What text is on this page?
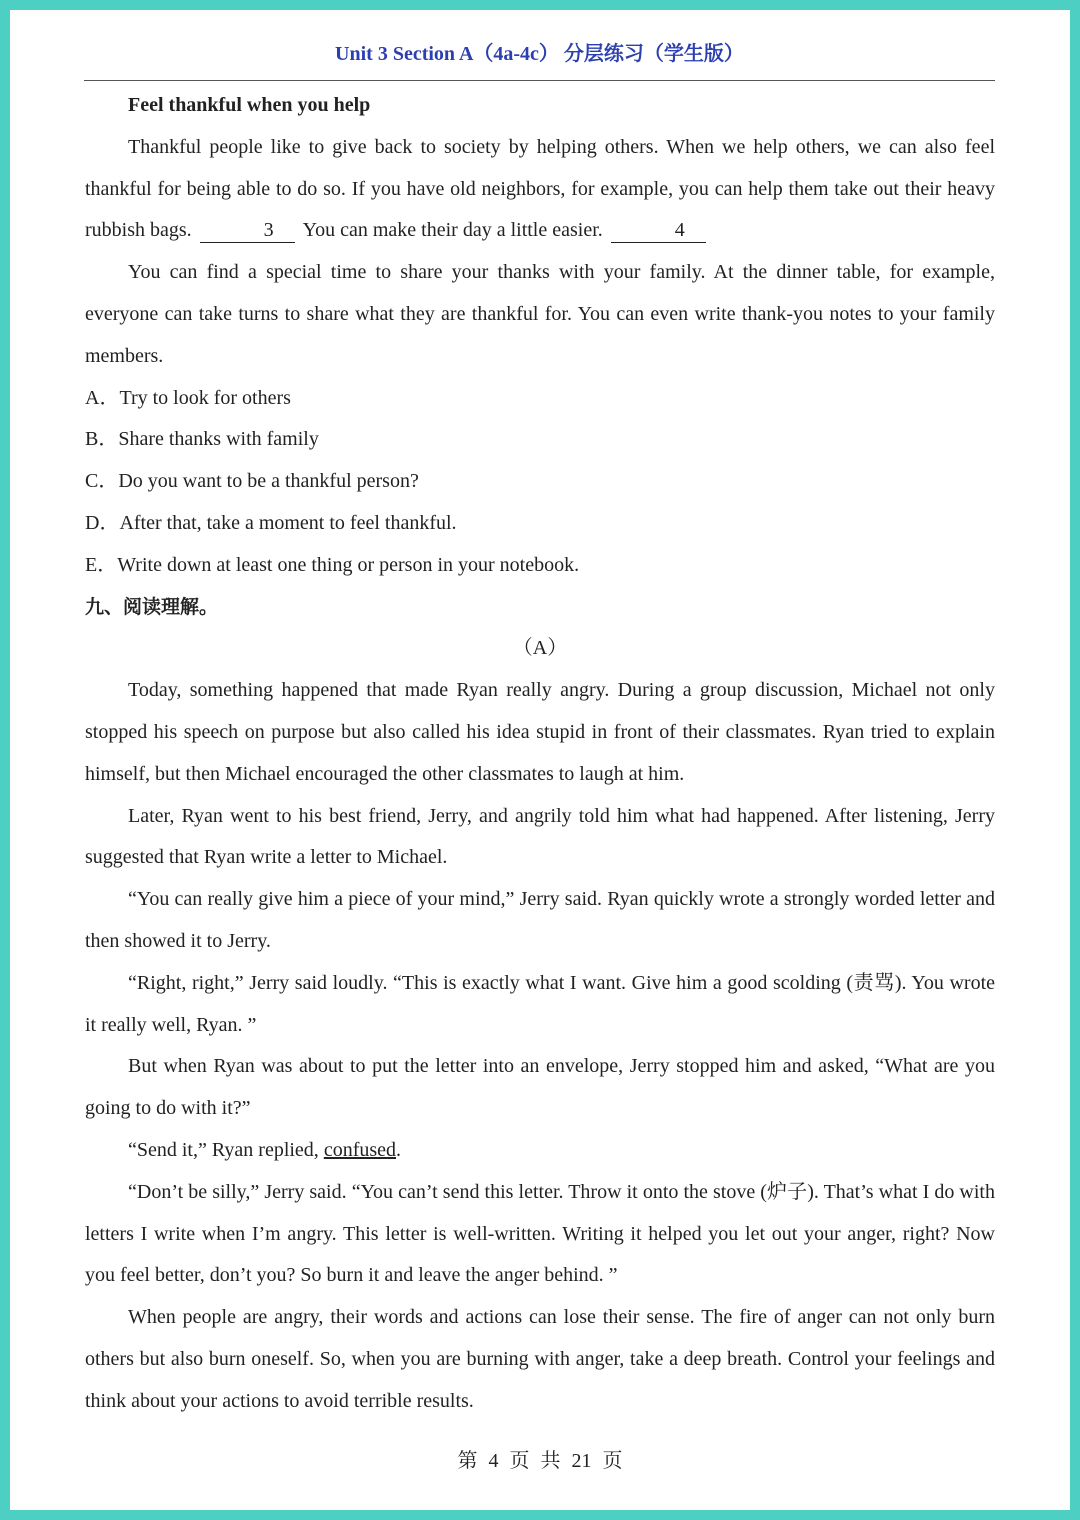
Unit 3 Section A（4a-4c） 分层练习（学生版）

Feel thankful when you help

Thankful people like to give back to society by helping others. When we help others, we can also feel thankful for being able to do so. If you have old neighbors, for example, you can help them take out their heavy rubbish bags.	3 You can make their day a little easier.	4

You can find a special time to share your thanks with your family. At the dinner table, for example, everyone can take turns to share what they are thankful for. You can even write thank-you notes to your family members.

A．Try to look for others

B．Share thanks with family

C．Do you want to be a thankful person?

D．After that, take a moment to feel thankful.

E．Write down at least one thing or person in your notebook.

九、阅读理解。

（A）

Today, something happened that made Ryan really angry. During a group discussion, Michael not only stopped his speech on purpose but also called his idea stupid in front of their classmates. Ryan tried to explain himself, but then Michael encouraged the other classmates to laugh at him.

Later, Ryan went to his best friend, Jerry, and angrily told him what had happened. After listening, Jerry suggested that Ryan write a letter to Michael.

“You can really give him a piece of your mind,” Jerry said. Ryan quickly wrote a strongly worded letter and then showed it to Jerry.

“Right, right,” Jerry said loudly. “This is exactly what I want. Give him a good scolding (责骂). You wrote it really well, Ryan. ”

But when Ryan was about to put the letter into an envelope, Jerry stopped him and asked, “What are you going to do with it?”

“Send it,” Ryan replied, confused.

“Don’t be silly,” Jerry said. “You can’t send this letter. Throw it onto the stove (炉子). That’s what I do with letters I write when I’m angry. This letter is well-written. Writing it helped you let out your anger, right? Now you feel better, don’t you? So burn it and leave the anger behind. ”

When people are angry, their words and actions can lose their sense. The fire of anger can not only burn others but also burn oneself. So, when you are burning with anger, take a deep breath. Control your feelings and think about your actions to avoid terrible results.

第 4 页 共 21 页
